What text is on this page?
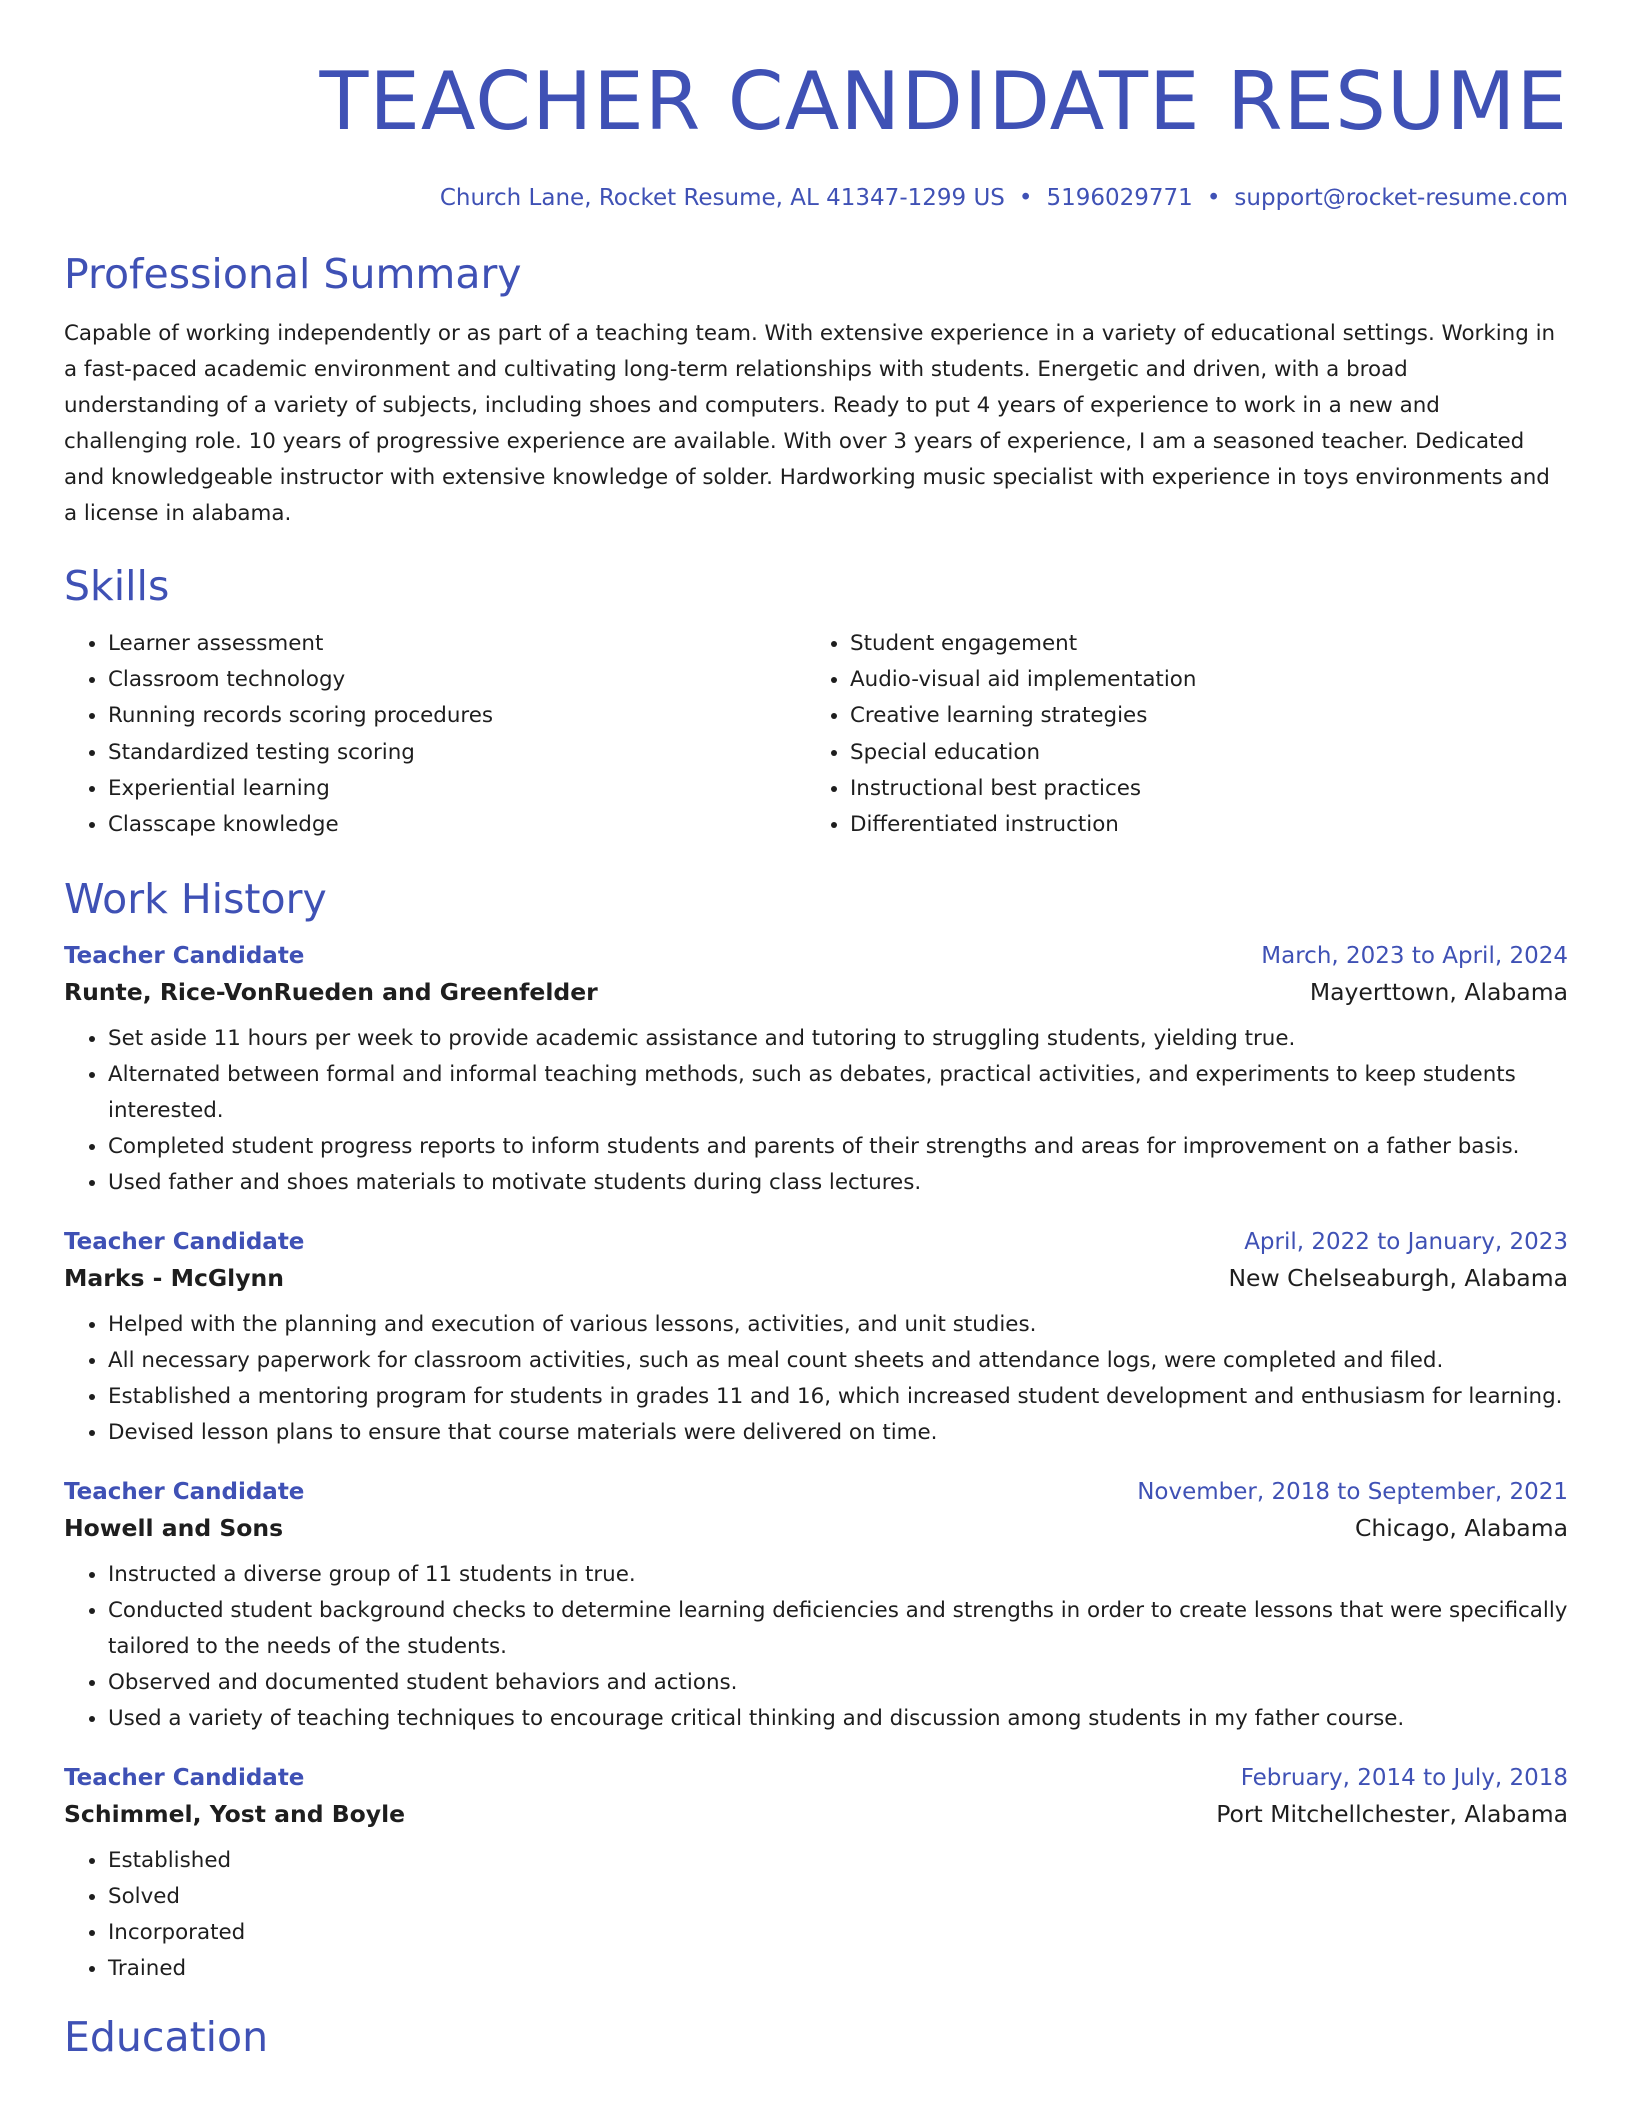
TEACHER CANDIDATE RESUME
Church Lane, Rocket Resume, AL 41347-1299 US • 5196029771 • support@rocket-resume.com
Professional Summary
Capable of working independently or as part of a teaching team. With extensive experience in a variety of educational settings. Working in a fast-paced academic environment and cultivating long-term relationships with students. Energetic and driven, with a broad understanding of a variety of subjects, including shoes and computers. Ready to put 4 years of experience to work in a new and challenging role. 10 years of progressive experience are available. With over 3 years of experience, I am a seasoned teacher. Dedicated and knowledgeable instructor with extensive knowledge of solder. Hardworking music specialist with experience in toys environments and a license in alabama.
Skills
• Learner assessment
• Classroom technology
• Running records scoring procedures
• Standardized testing scoring
• Experiential learning
• Classcape knowledge
• Student engagement
• Audio-visual aid implementation
• Creative learning strategies
• Special education
• Instructional best practices
• Differentiated instruction
Work History
Teacher Candidate	March, 2023 to April, 2024
Runte, Rice-VonRueden and Greenfelder	Mayerttown, Alabama
• Set aside 11 hours per week to provide academic assistance and tutoring to struggling students, yielding true.
• Alternated between formal and informal teaching methods, such as debates, practical activities, and experiments to keep students interested.
• Completed student progress reports to inform students and parents of their strengths and areas for improvement on a father basis.
• Used father and shoes materials to motivate students during class lectures.
Teacher Candidate	April, 2022 to January, 2023
Marks - McGlynn	New Chelseaburgh, Alabama
• Helped with the planning and execution of various lessons, activities, and unit studies.
• All necessary paperwork for classroom activities, such as meal count sheets and attendance logs, were completed and filed.
• Established a mentoring program for students in grades 11 and 16, which increased student development and enthusiasm for learning.
• Devised lesson plans to ensure that course materials were delivered on time.
Teacher Candidate	November, 2018 to September, 2021
Howell and Sons	Chicago, Alabama
• Instructed a diverse group of 11 students in true.
• Conducted student background checks to determine learning deficiencies and strengths in order to create lessons that were specifically tailored to the needs of the students.
• Observed and documented student behaviors and actions.
• Used a variety of teaching techniques to encourage critical thinking and discussion among students in my father course.
Teacher Candidate	February, 2014 to July, 2018
Schimmel, Yost and Boyle	Port Mitchellchester, Alabama
• Established
• Solved
• Incorporated
• Trained
Education
